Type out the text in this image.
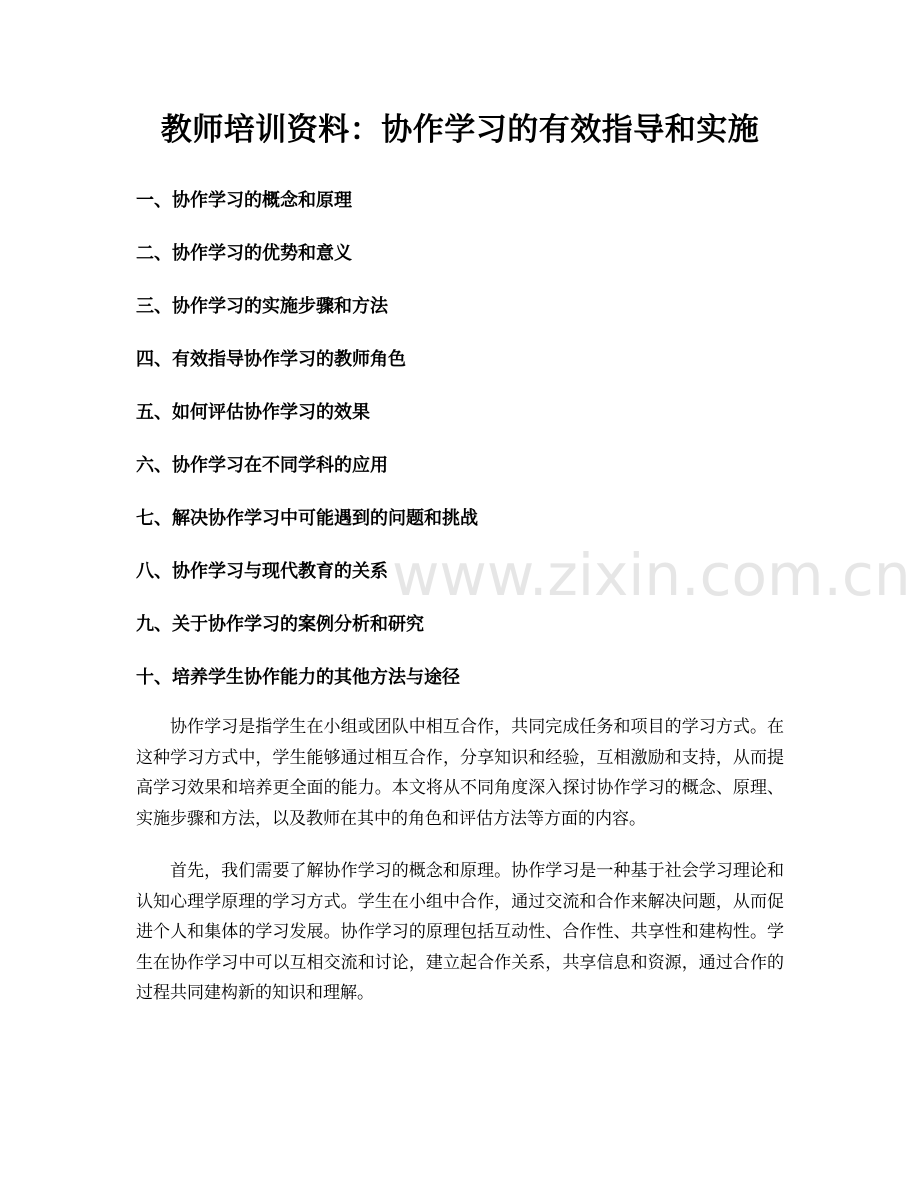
教师培训资料：协作学习的有效指导和实施
一、协作学习的概念和原理
二、协作学习的优势和意义
三、协作学习的实施步骤和方法
四、有效指导协作学习的教师角色
五、如何评估协作学习的效果
六、协作学习在不同学科的应用
七、解决协作学习中可能遇到的问题和挑战
八、协作学习与现代教育的关系
九、关于协作学习的案例分析和研究
十、培养学生协作能力的其他方法与途径

协作学习是指学生在小组或团队中相互合作，共同完成任务和项目的学习方式。在这种学习方式中，学生能够通过相互合作，分享知识和经验，互相激励和支持，从而提高学习效果和培养更全面的能力。本文将从不同角度深入探讨协作学习的概念、原理、实施步骤和方法，以及教师在其中的角色和评估方法等方面的内容。

首先，我们需要了解协作学习的概念和原理。协作学习是一种基于社会学习理论和认知心理学原理的学习方式。学生在小组中合作，通过交流和合作来解决问题，从而促进个人和集体的学习发展。协作学习的原理包括互动性、合作性、共享性和建构性。学生在协作学习中可以互相交流和讨论，建立起合作关系，共享信息和资源，通过合作的过程共同建构新的知识和理解。

www.zixin.com.cn
